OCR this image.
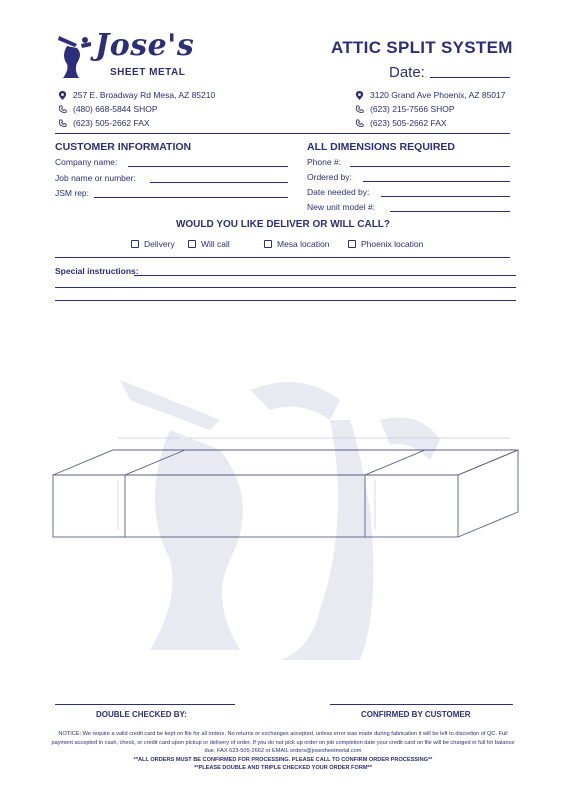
Jose's
SHEET METAL
ATTIC SPLIT SYSTEM
Date:
257 E. Broadway Rd Mesa, AZ 85210
(480) 668-5844 SHOP
(623) 505-2662 FAX
3120 Grand Ave Phoenix, AZ 85017
(623) 215-7566 SHOP
(623) 505-2662 FAX
CUSTOMER INFORMATION
Company name:
Job name or number:
JSM rep:
ALL DIMENSIONS REQUIRED
Phone #:
Ordered by:
Date needed by:
New unit model #:
WOULD YOU LIKE DELIVER OR WILL CALL?
Delivery	Will call	Mesa location	Phoenix location
Special instructions:
DOUBLE CHECKED BY:	CONFIRMED BY CUSTOMER
NOTICE: We require a valid credit card be kept on file for all orders. No returns or exchanges accepted, unless error was made during fabrication it will be left to discretion of QC. Full payment accepted in cash, check, or credit card upon pickup or delivery of order. If you do not pick up order on job completion date your credit card on file will be charged in full for balance due. FAX 623-505-2662 or EMAIL orders@josesheetmetal.com
**ALL ORDERS MUST BE CONFIRMED FOR PROCESSING. PLEASE CALL TO CONFIRM ORDER PROCESSING**
**PLEASE DOUBLE AND TRIPLE CHECKED YOUR ORDER FORM**
